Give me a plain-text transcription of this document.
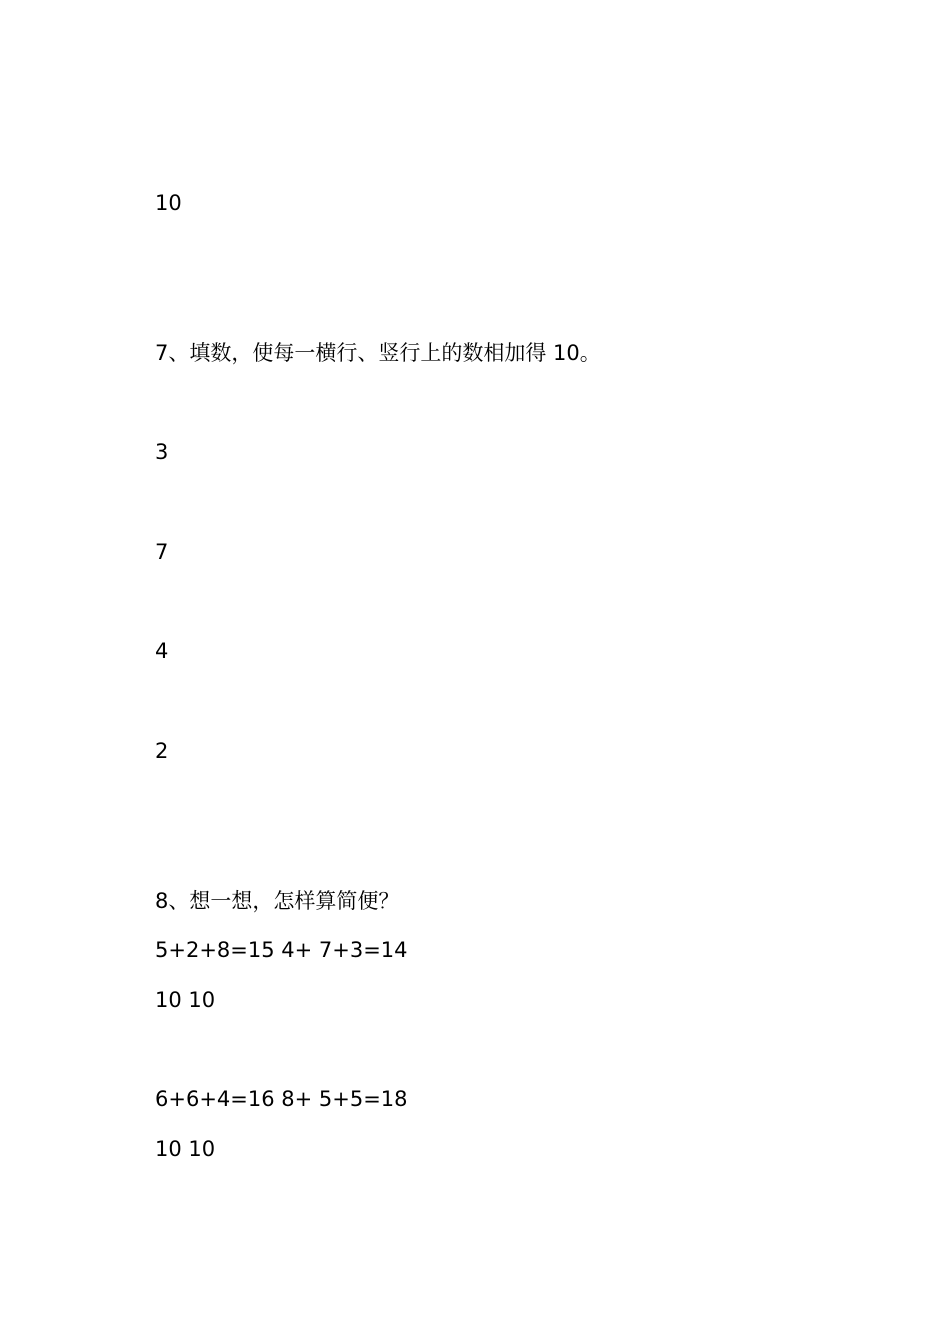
10

7、填数，使每一横行、竖行上的数相加得 10。

3

7

4

2

8、想一想，怎样算简便？

5+2+8=15 4+ 7+3=14

10 10

6+6+4=16 8+ 5+5=18

10 10
